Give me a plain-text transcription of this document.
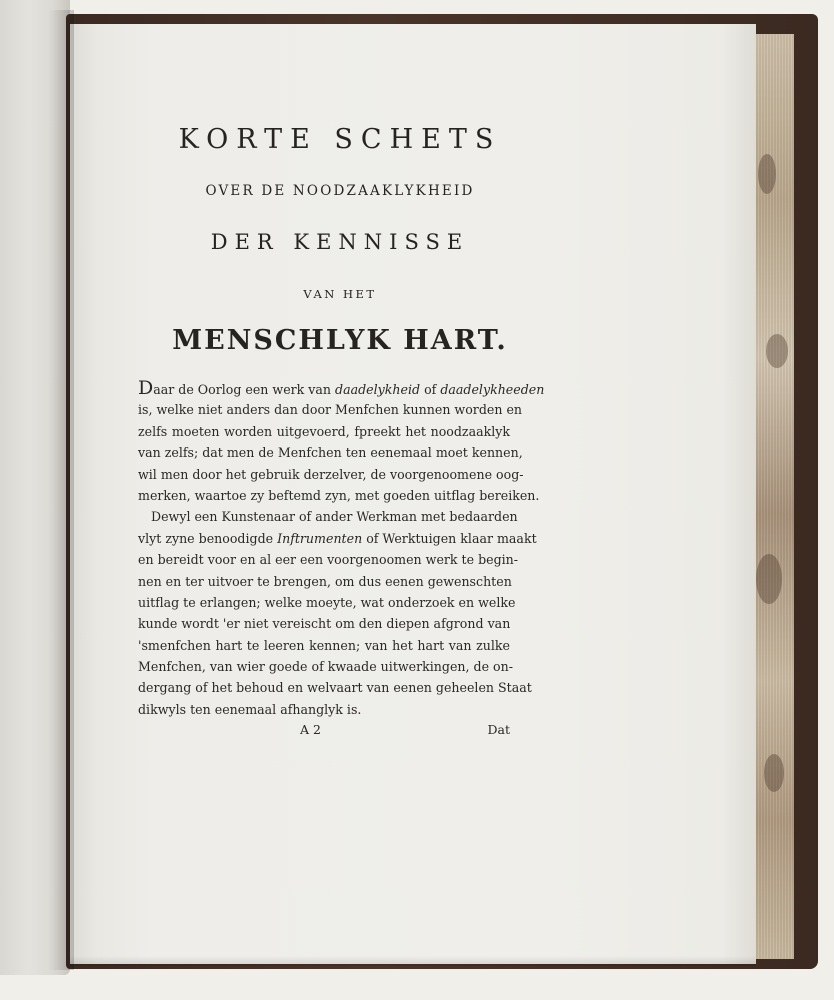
KORTE SCHETS
OVER DE NOODZAAKLYKHEID
DER KENNISSE
VAN HET
MENSCHLYK HART.
Daar de Oorlog een werk van daadelykheid of daadelykheeden
is, welke niet anders dan door Menfchen kunnen worden en
zelfs moeten worden uitgevoerd, fpreekt het noodzaaklyk
van zelfs; dat men de Menfchen ten eenemaal moet kennen,
wil men door het gebruik derzelver, de voorgenoomene oog-
merken, waartoe zy beftemd zyn, met goeden uitflag bereiken.
Dewyl een Kunstenaar of ander Werkman met bedaarden
vlyt zyne benoodigde Inftrumenten of Werktuigen klaar maakt
en bereidt voor en al eer een voorgenoomen werk te begin-
nen en ter uitvoer te brengen, om dus eenen gewenschten
uitflag te erlangen; welke moeyte, wat onderzoek en welke
kunde wordt 'er niet vereischt om den diepen afgrond van
'smenfchen hart te leeren kennen; van het hart van zulke
Menfchen, van wier goede of kwaade uitwerkingen, de on-
dergang of het behoud en welvaart van eenen geheelen Staat
dikwyls ten eenemaal afhanglyk is.
A 2	Dat
